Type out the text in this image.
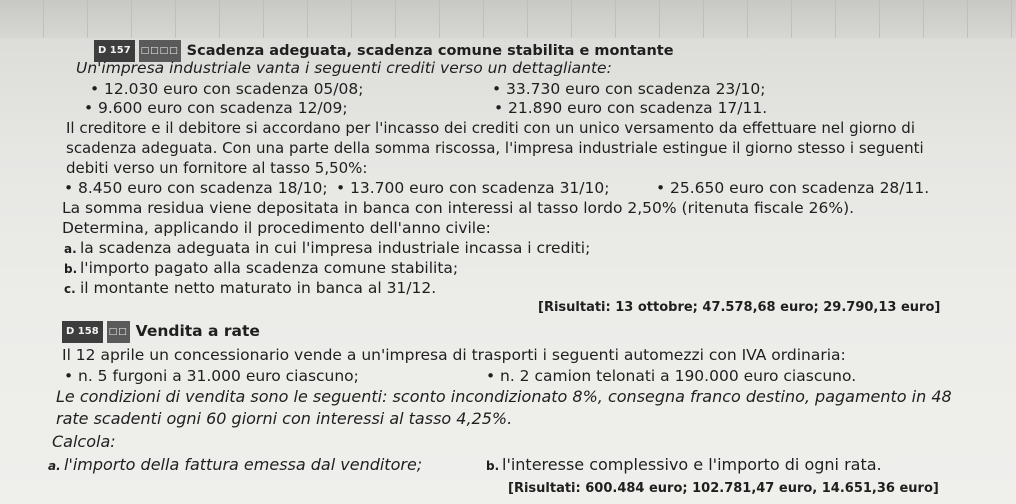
D 157 □□□□ Scadenza adeguata, scadenza comune stabilita e montante
Un'impresa industriale vanta i seguenti crediti verso un dettagliante:
• 12.030 euro con scadenza 05/08;	• 33.730 euro con scadenza 23/10;
• 9.600 euro con scadenza 12/09;	• 21.890 euro con scadenza 17/11.
Il creditore e il debitore si accordano per l'incasso dei crediti con un unico versamento da effettuare nel giorno di
scadenza adeguata. Con una parte della somma riscossa, l'impresa industriale estingue il giorno stesso i seguenti
debiti verso un fornitore al tasso 5,50%:
• 8.450 euro con scadenza 18/10; • 13.700 euro con scadenza 31/10;	• 25.650 euro con scadenza 28/11.
La somma residua viene depositata in banca con interessi al tasso lordo 2,50% (ritenuta fiscale 26%).
Determina, applicando il procedimento dell'anno civile:
a. la scadenza adeguata in cui l'impresa industriale incassa i crediti;
b. l'importo pagato alla scadenza comune stabilita;
c. il montante netto maturato in banca al 31/12.
[Risultati: 13 ottobre; 47.578,68 euro; 29.790,13 euro]
D 158 □□ Vendita a rate
Il 12 aprile un concessionario vende a un'impresa di trasporti i seguenti automezzi con IVA ordinaria:
• n. 5 furgoni a 31.000 euro ciascuno;	• n. 2 camion telonati a 190.000 euro ciascuno.
Le condizioni di vendita sono le seguenti: sconto incondizionato 8%, consegna franco destino, pagamento in 48
rate scadenti ogni 60 giorni con interessi al tasso 4,25%.
Calcola:
a. l'importo della fattura emessa dal venditore;	b. l'interesse complessivo e l'importo di ogni rata.
[Risultati: 600.484 euro; 102.781,47 euro, 14.651,36 euro]
